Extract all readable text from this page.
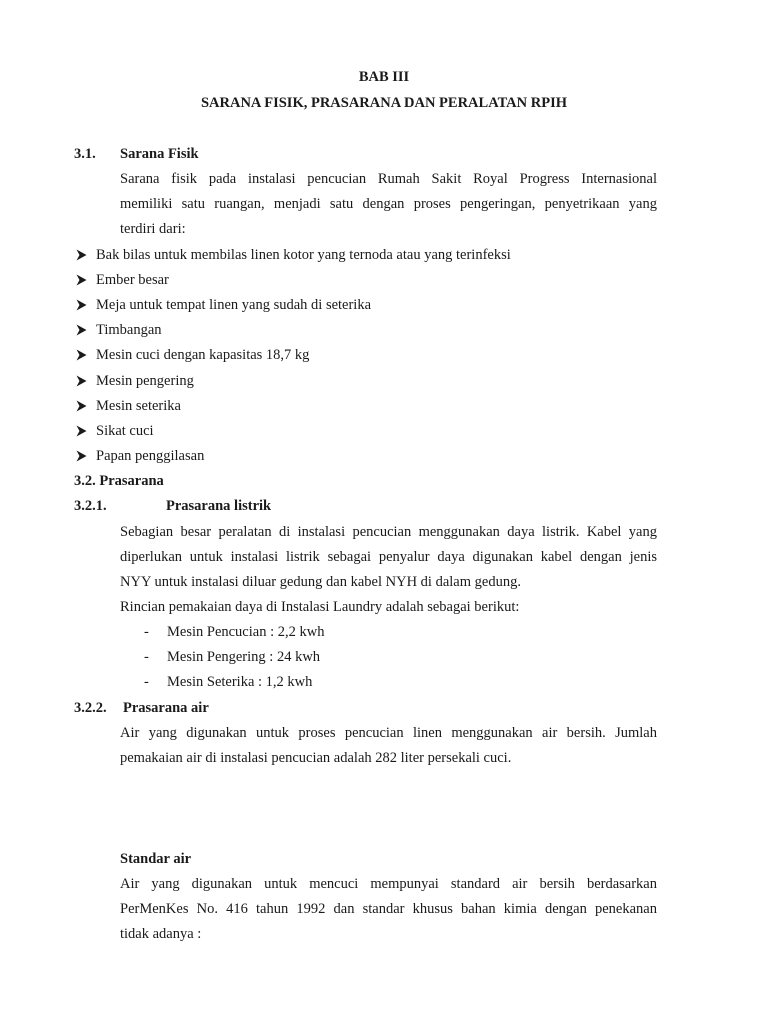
BAB III
SARANA FISIK, PRASARANA DAN PERALATAN RPIH
3.1. Sarana Fisik
Sarana fisik pada instalasi pencucian Rumah Sakit Royal Progress Internasional
memiliki satu ruangan, menjadi satu dengan proses pengeringan, penyetrikaan yang
terdiri dari:
Bak bilas untuk membilas linen kotor yang ternoda atau yang terinfeksi
Ember besar
Meja untuk tempat linen yang sudah di seterika
Timbangan
Mesin cuci dengan kapasitas 18,7 kg
Mesin pengering
Mesin seterika
Sikat cuci
Papan penggilasan
3.2. Prasarana
3.2.1.	Prasarana listrik
Sebagian besar peralatan di instalasi pencucian menggunakan daya listrik. Kabel yang
diperlukan untuk instalasi listrik sebagai penyalur daya digunakan kabel dengan jenis
NYY untuk instalasi diluar gedung dan kabel NYH di dalam gedung.
Rincian pemakaian daya di Instalasi Laundry adalah sebagai berikut:
- Mesin Pencucian : 2,2 kwh
- Mesin Pengering : 24 kwh
- Mesin Seterika : 1,2 kwh
3.2.2. Prasarana air
Air yang digunakan untuk proses pencucian linen menggunakan air bersih. Jumlah
pemakaian air di instalasi pencucian adalah 282 liter persekali cuci.
Standar air
Air yang digunakan untuk mencuci mempunyai standard air bersih berdasarkan
PerMenKes No. 416 tahun 1992 dan standar khusus bahan kimia dengan penekanan
tidak adanya :
